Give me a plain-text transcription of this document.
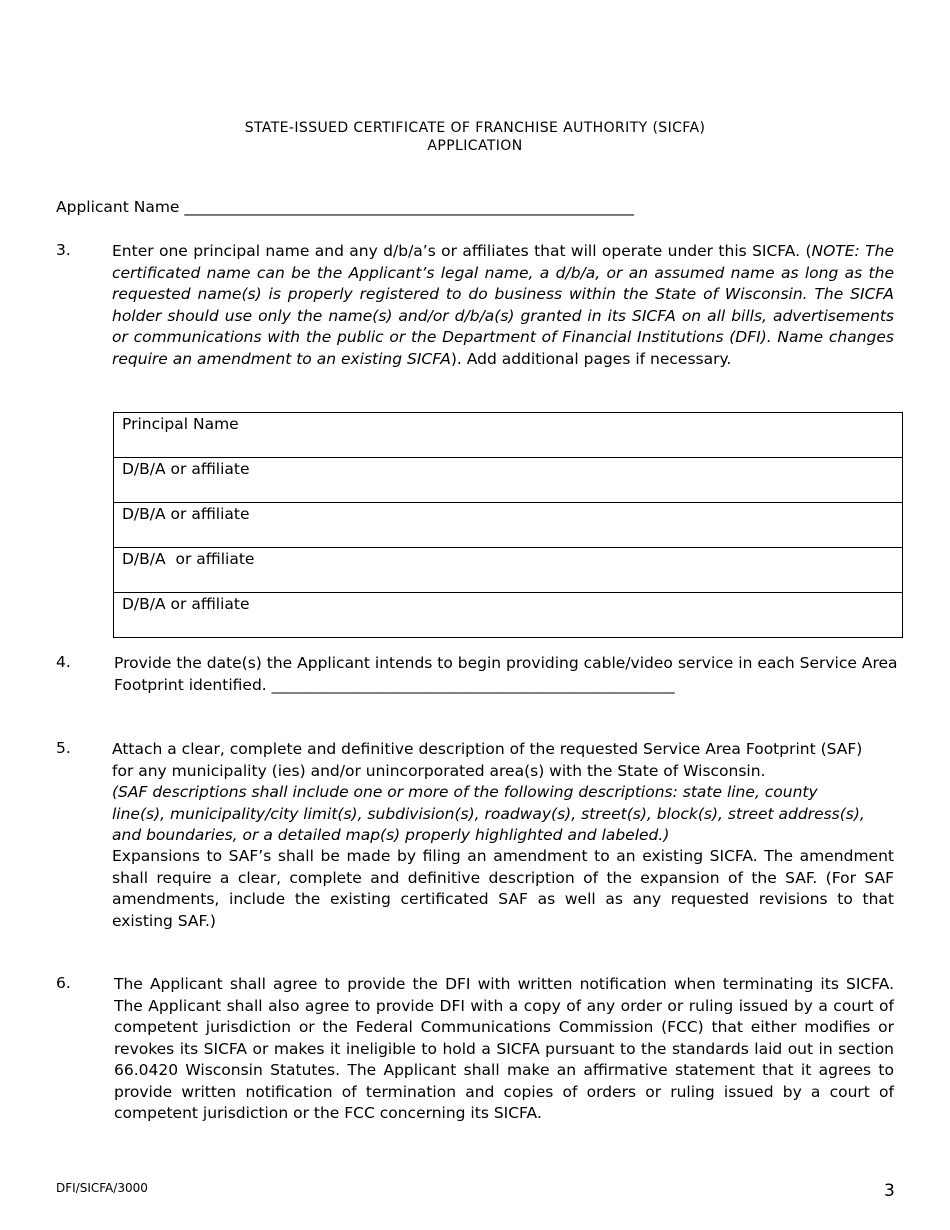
STATE-ISSUED CERTIFICATE OF FRANCHISE AUTHORITY (SICFA)
APPLICATION
Applicant Name __________________________________________________________
3.	Enter one principal name and any d/b/a’s or affiliates that will operate under this SICFA. (NOTE: The certificated name can be the Applicant’s legal name, a d/b/a, or an assumed name as long as the requested name(s) is properly registered to do business within the State of Wisconsin. The SICFA holder should use only the name(s) and/or d/b/a(s) granted in its SICFA on all bills, advertisements or communications with the public or the Department of Financial Institutions (DFI). Name changes require an amendment to an existing SICFA). Add additional pages if necessary.
Principal Name
D/B/A or affiliate
D/B/A or affiliate
D/B/A  or affiliate
D/B/A or affiliate
4.	Provide the date(s) the Applicant intends to begin providing cable/video service in each Service Area Footprint identified. ________________________________________________________
5.	Attach a clear, complete and definitive description of the requested Service Area Footprint (SAF) for any municipality (ies) and/or unincorporated area(s) with the State of Wisconsin.
(SAF descriptions shall include one or more of the following descriptions: state line, county line(s), municipality/city limit(s), subdivision(s), roadway(s), street(s), block(s), street address(s), and boundaries, or a detailed map(s) properly highlighted and labeled.)
Expansions to SAF’s shall be made by filing an amendment to an existing SICFA. The amendment shall require a clear, complete and definitive description of the expansion of the SAF. (For SAF amendments, include the existing certificated SAF as well as any requested revisions to that existing SAF.)
6.	The Applicant shall agree to provide the DFI with written notification when terminating its SICFA. The Applicant shall also agree to provide DFI with a copy of any order or ruling issued by a court of competent jurisdiction or the Federal Communications Commission (FCC) that either modifies or revokes its SICFA or makes it ineligible to hold a SICFA pursuant to the standards laid out in section 66.0420 Wisconsin Statutes. The Applicant shall make an affirmative statement that it agrees to provide written notification of termination and copies of orders or ruling issued by a court of competent jurisdiction or the FCC concerning its SICFA.
DFI/SICFA/3000	3
